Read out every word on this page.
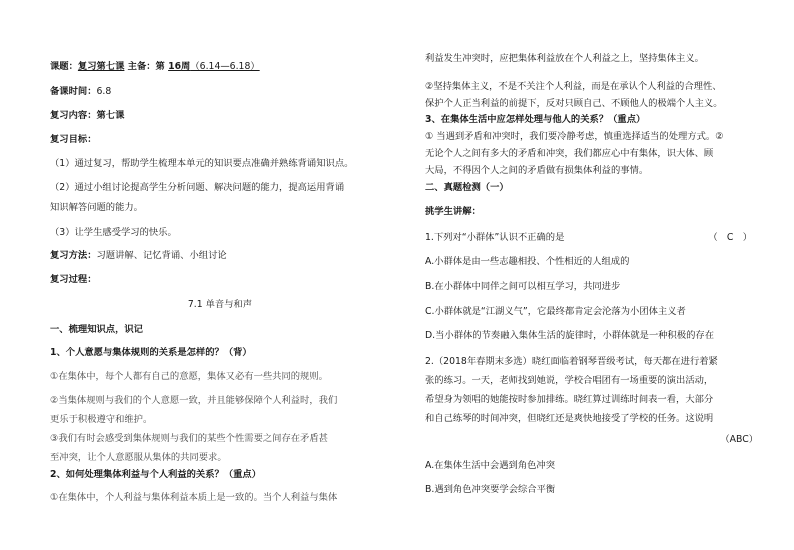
课题：复习第七课 主备：第 16周（6.14—6.18）
备课时间：6.8
复习内容：第七课
复习目标：
（1）通过复习，帮助学生梳理本单元的知识要点准确并熟练背诵知识点。
（2）通过小组讨论提高学生分析问题、解决问题的能力，提高运用背诵
知识解答问题的能力。
（3）让学生感受学习的快乐。
复习方法：习题讲解、记忆背诵、小组讨论
复习过程：
7.1 单音与和声
一、梳理知识点，识记
1、个人意愿与集体规则的关系是怎样的？（背）
①在集体中，每个人都有自己的意愿，集体又必有一些共同的规则。
②当集体规则与我们的个人意愿一致，并且能够保障个人利益时，我们
更乐于积极遵守和维护。
③我们有时会感受到集体规则与我们的某些个性需要之间存在矛盾甚
至冲突，让个人意愿服从集体的共同要求。
2、如何处理集体利益与个人利益的关系？（重点）
①在集体中，个人利益与集体利益本质上是一致的。当个人利益与集体
利益发生冲突时，应把集体利益放在个人利益之上，坚持集体主义。
②坚持集体主义，不是不关注个人利益，而是在承认个人利益的合理性、
保护个人正当利益的前提下，反对只顾自己、不顾他人的极端个人主义。
3、在集体生活中应怎样处理与他人的关系？（重点）
① 当遇到矛盾和冲突时，我们要冷静考虑，慎重选择适当的处理方式。②
无论个人之间有多大的矛盾和冲突，我们都应心中有集体，识大体、顾
大局，不得因个人之间的矛盾做有损集体利益的事情。
二、真题检测（一）
挑学生讲解：
1.下列对“小群体”认识不正确的是	（　C　）
A.小群体是由一些志趣相投、个性相近的人组成的
B.在小群体中同伴之间可以相互学习，共同进步
C.小群体就是“江湖义气”，它最终都肯定会沦落为小团体主义者
D.当小群体的节奏融入集体生活的旋律时，小群体就是一种积极的存在
2.（2018年春期末多选）晓红面临着钢琴晋级考试，每天都在进行着紧
张的练习。一天，老师找到她说，学校合唱团有一场重要的演出活动，
希望身为领唱的她能按时参加排练。晓红算过训练时间表一看，大部分
和自己练琴的时间冲突，但晓红还是爽快地接受了学校的任务。这说明
（ABC）
A.在集体生活中会遇到角色冲突
B.遇到角色冲突要学会综合平衡
